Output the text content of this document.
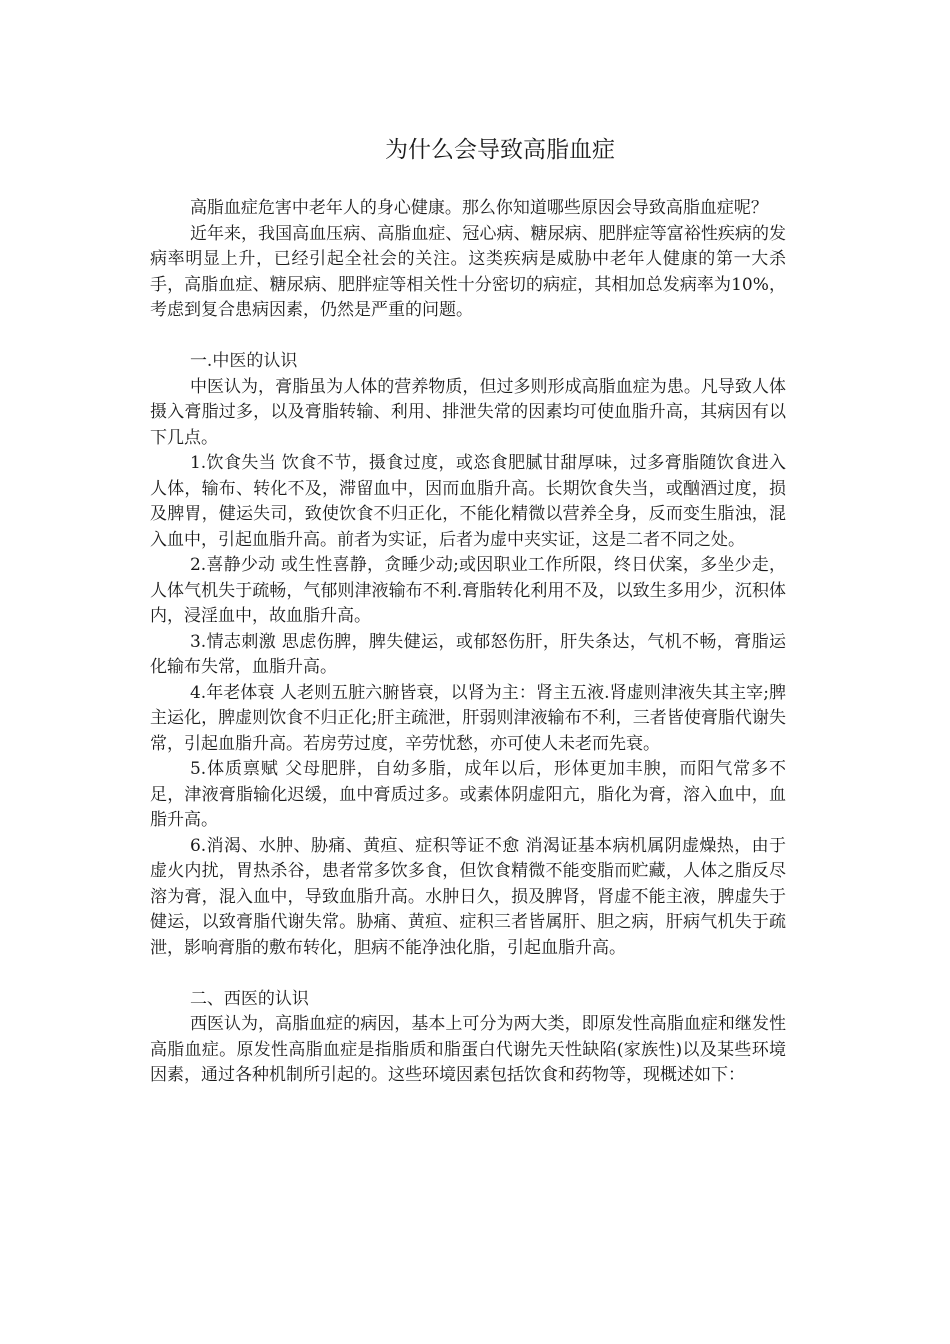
为什么会导致高脂血症

高脂血症危害中老年人的身心健康。那么你知道哪些原因会导致高脂血症呢？

近年来，我国高血压病、高脂血症、冠心病、糖尿病、肥胖症等富裕性疾病的发病率明显上升，已经引起全社会的关注。这类疾病是威胁中老年人健康的第一大杀手，高脂血症、糖尿病、肥胖症等相关性十分密切的病症，其相加总发病率为10%，考虑到复合患病因素，仍然是严重的问题。

一.中医的认识

中医认为，膏脂虽为人体的营养物质，但过多则形成高脂血症为患。凡导致人体摄入膏脂过多，以及膏脂转输、利用、排泄失常的因素均可使血脂升高，其病因有以下几点。

1.饮食失当 饮食不节，摄食过度，或恣食肥腻甘甜厚味，过多膏脂随饮食进入人体，输布、转化不及，滞留血中，因而血脂升高。长期饮食失当，或酗酒过度，损及脾胃，健运失司，致使饮食不归正化，不能化精微以营养全身，反而变生脂浊，混入血中，引起血脂升高。前者为实证，后者为虚中夹实证，这是二者不同之处。

2.喜静少动 或生性喜静，贪睡少动;或因职业工作所限，终日伏案，多坐少走，人体气机失于疏畅，气郁则津液输布不利.膏脂转化利用不及，以致生多用少，沉积体内，浸淫血中，故血脂升高。

3.情志刺激 思虑伤脾，脾失健运，或郁怒伤肝，肝失条达，气机不畅，膏脂运化输布失常，血脂升高。

4.年老体衰 人老则五脏六腑皆衰，以肾为主：肾主五液.肾虚则津液失其主宰;脾主运化，脾虚则饮食不归正化;肝主疏泄，肝弱则津液输布不利，三者皆使膏脂代谢失常，引起血脂升高。若房劳过度，辛劳忧愁，亦可使人未老而先衰。

5.体质禀赋 父母肥胖，自幼多脂，成年以后，形体更加丰腴，而阳气常多不足，津液膏脂输化迟缓，血中膏质过多。或素体阴虚阳亢，脂化为膏，溶入血中，血脂升高。

6.消渴、水肿、胁痛、黄疸、症积等证不愈 消渴证基本病机属阴虚燥热，由于虚火内扰，胃热杀谷，患者常多饮多食，但饮食精微不能变脂而贮藏，人体之脂反尽溶为膏，混入血中，导致血脂升高。水肿日久，损及脾肾，肾虚不能主液，脾虚失于健运，以致膏脂代谢失常。胁痛、黄疸、症积三者皆属肝、胆之病，肝病气机失于疏泄，影响膏脂的敷布转化，胆病不能净浊化脂，引起血脂升高。

二、西医的认识

西医认为，高脂血症的病因，基本上可分为两大类，即原发性高脂血症和继发性高脂血症。原发性高脂血症是指脂质和脂蛋白代谢先天性缺陷(家族性)以及某些环境因素，通过各种机制所引起的。这些环境因素包括饮食和药物等，现概述如下：
